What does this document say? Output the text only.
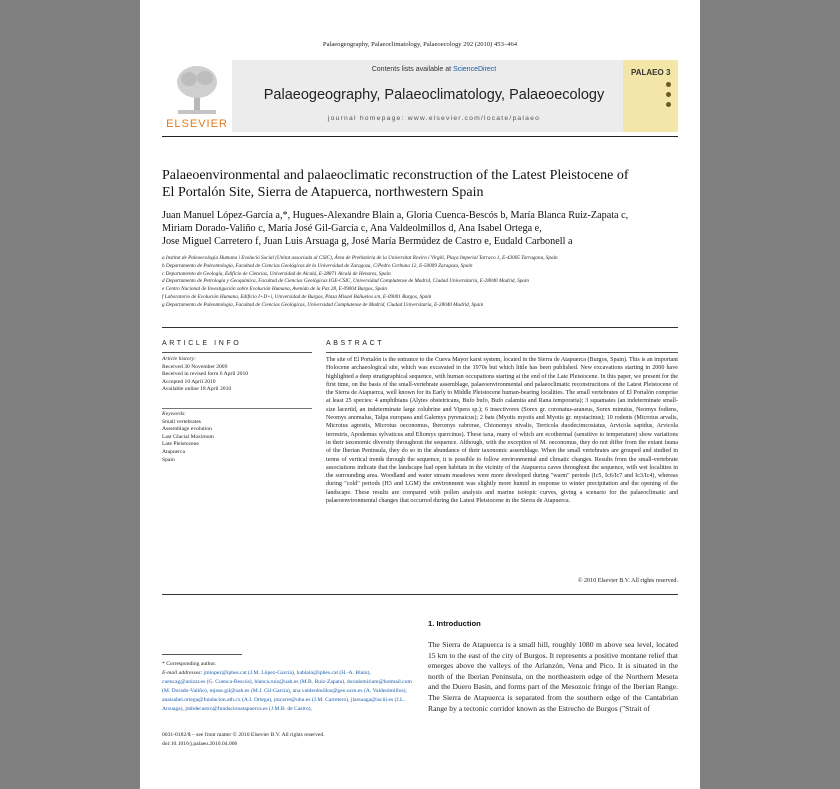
Palaeogeography, Palaeoclimatology, Palaeoecology 292 (2010) 453–464
ELSEVIER
Contents lists available at ScienceDirect
Palaeogeography, Palaeoclimatology, Palaeoecology
journal homepage: www.elsevier.com/locate/palaeo
PALAEO 3
Palaeoenvironmental and palaeoclimatic reconstruction of the Latest Pleistocene of
El Portalón Site, Sierra de Atapuerca, northwestern Spain
Juan Manuel López-García a,*, Hugues-Alexandre Blain a, Gloria Cuenca-Bescós b, María Blanca Ruiz-Zapata c,
Miriam Dorado-Valiño c, María José Gil-García c, Ana Valdeolmillos d, Ana Isabel Ortega e,
Jose Miguel Carretero f, Juan Luis Arsuaga g, José María Bermúdez de Castro e, Eudald Carbonell a
a Institut de Paleoecologia Humana i Evolució Social (Unitat associada al CSIC), Àrea de Prehistòria de la Universitat Rovira i Virgili, Plaça Imperial Tarraco 1, E-43005 Tarragona, Spain
b Departamento de Paleontología, Facultad de Ciencias Geológicas de la Universidad de Zaragoza, C/Pedro Cerbuna 12, E-50009 Zaragoza, Spain
c Departamento de Geología, Edificio de Ciencias, Universidad de Alcalá, E-28871 Alcalá de Henares, Spain
d Departamento de Petrología y Geoquímica, Facultad de Ciencias Geológicas IGE-CSIC, Universidad Complutense de Madrid, Ciudad Universitaria, E-28040 Madrid, Spain
e Centro Nacional de Investigación sobre Evolución Humana, Avenida de la Paz 28, E-09004 Burgos, Spain
f Laboratorio de Evolución Humana, Edificio I+D+i, Universidad de Burgos, Plaza Misael Bañuelos s/n, E-09001 Burgos, Spain
g Departamento de Paleontología, Facultad de Ciencias Geológicas, Universidad Complutense de Madrid, Ciudad Universitaria, E-28040 Madrid, Spain
ARTICLE INFO
Article history:
Received 30 November 2009
Received in revised form 6 April 2010
Accepted 10 April 2010
Available online 18 April 2010
Keywords:
Small vertebrates
Assemblage evolution
Last Glacial Maximum
Late Pleistocene
Atapuerca
Spain
ABSTRACT
The site of El Portalón is the entrance to the Cueva Mayor karst system, located in the Sierra de Atapuerca (Burgos, Spain). This is an important Holocene archaeological site, which was excavated in the 1970s but which little has been published. New excavations starting in 2000 have highlighted a deep stratigraphical sequence, with human occupations starting at the end of the Late Pleistocene. In this paper, we present for the first time, on the basis of the small-vertebrate assemblage, palaeoenvironmental and palaeoclimatic reconstructions of the Latest Pleistocene of the Sierra de Atapuerca, well known for its Early to Middle Pleistocene human-bearing localities. The small vertebrates of El Portalón comprise at least 25 species: 4 amphibians (Alytes obstetricans, Bufo bufo, Bufo calamita and Rana temporaria); 3 squamates (an indeterminate small-size lacertid, an indeterminate large colubrine and Vipera sp.); 6 insectivores (Sorex gr. coronatus-araneus, Sorex minutus, Neomys fodiens, Neomys anomalus, Talpa europaea and Galemys pyrenaicus); 2 bats (Myotis myotis and Myotis gr. mystacinus); 10 rodents (Microtus arvalis, Microtus agrestis, Microtus oeconomus, Iberomys cabrerae, Chionomys nivalis, Terricola duodecimcostatus, Arvicola sapidus, Arvicola terrestris, Apodemus sylvaticus and Eliomys quercinus). These taxa, many of which are ecothermal (sensitive to temperature) show variations in their taxonomic diversity throughout the sequence. Although, with the exception of M. oeconomus, they do not differ from the extant fauna of the Iberian Peninsula, they do so in the abundance of their taxonomic assemblage. When the small vertebrates are grouped and studied in terms of vertical trends through the sequence, it is possible to follow environmental and climatic changes. Results from the small-vertebrate associations indicate that the landscape had open habitats in the vicinity of the Atapuerca caves throughout the sequence, with wet localities in the surrounding area. Woodland and water stream meadows were more developed during "warm" periods (Ic5, Ic6/Ic7 and Ic3/Ic4), whereas during "cold" periods (H3 and LGM) the environment was slightly more humid in response to winter precipitation and the opening of the landscape. These results are compared with pollen analysis and marine isotopic curves, giving a scenario for the palaeoclimatic and palaeoenvironmental changes that occurred during the Latest Pleistocene in the Sierra de Atapuerca.
© 2010 Elsevier B.V. All rights reserved.
* Corresponding author.
E-mail addresses: jmlopez@iphes.cat (J.M. López-García), hablain@iphes.cat (H.-A. Blain), cuencag@unizar.es (G. Cuenca-Bescós), blanca.ruiz@uah.es (M.B. Ruiz-Zapata), doradomiriam@hotmail.com (M. Dorado-Valiño), mjose.gil@uah.es (M.J. Gil-García), ana.valdeolmillos@geo.ucm.es (A. Valdeolmillos), anaisabel.ortega@fundacion.ath.cx (A.I. Ortega), jmcarre@ubu.es (J.M. Carretero), jlarsuaga@isciii.es (J.L. Arsuaga), jmbdecastro@fundacionatapuerca.es (J.M.B. de Castro),
0031-0182/$ – see front matter © 2010 Elsevier B.V. All rights reserved.
doi:10.1016/j.palaeo.2010.04.006
1. Introduction
The Sierra de Atapuerca is a small hill, roughly 1080 m above sea level, located 15 km to the east of the city of Burgos. It represents a positive montane relief that emerges above the valleys of the Arlanzón, Vena and Pico. It is situated in the north of the Iberian Peninsula, on the northeastern edge of the Northern Meseta and the Duero Basin, and forms part of the Mesozoic fringe of the Iberian Range. The Sierra de Atapuerca is separated from the southern edge of the Cantabrian Range by a tectonic corridor known as the Estrecho de Burgos ("Strait of
